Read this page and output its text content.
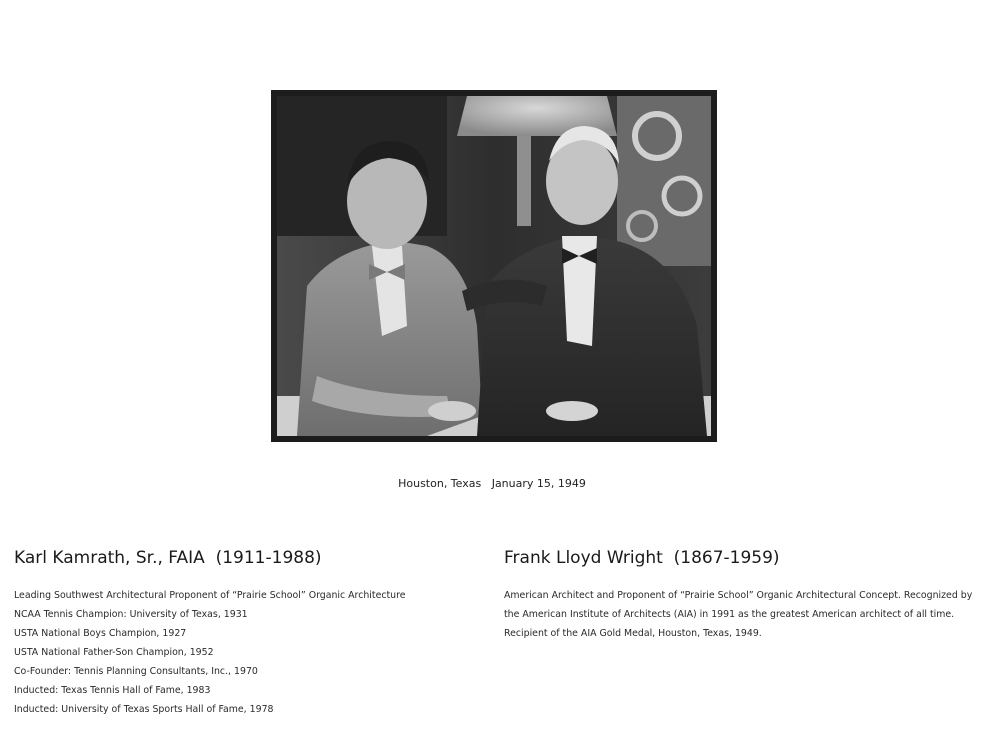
Houston, Texas   January 15, 1949
Karl Kamrath, Sr., FAIA  (1911-1988)
Leading Southwest Architectural Proponent of “Prairie School” Organic Architecture
NCAA Tennis Champion: University of Texas, 1931
USTA National Boys Champion, 1927
USTA National Father-Son Champion, 1952
Co-Founder: Tennis Planning Consultants, Inc., 1970
Inducted: Texas Tennis Hall of Fame, 1983
Inducted: University of Texas Sports Hall of Fame, 1978
Frank Lloyd Wright  (1867-1959)

American Architect and Proponent of “Prairie School” Organic Architectural Concept. Recognized by the American Institute of Architects (AIA) in 1991 as the greatest American architect of all time. Recipient of the AIA Gold Medal, Houston, Texas, 1949.
